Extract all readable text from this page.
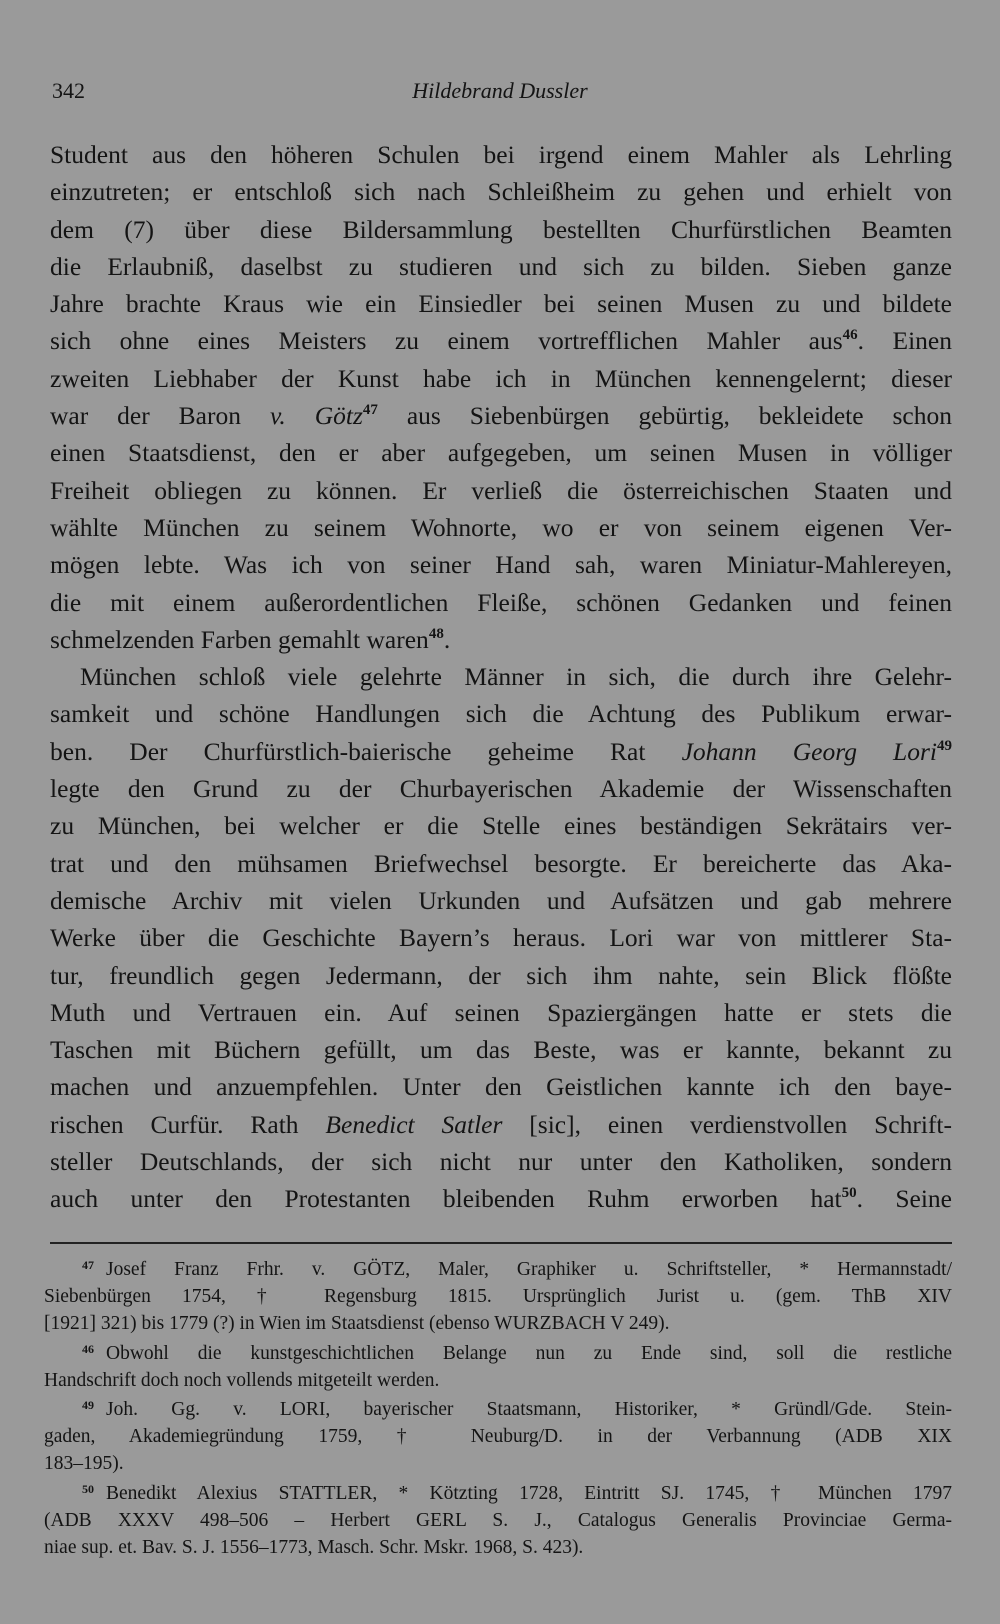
342	Hildebrand Dussler
Student aus den höheren Schulen bei irgend einem Mahler als Lehrling
einzutreten; er entschloß sich nach Schleißheim zu gehen und erhielt von
dem (7) über diese Bildersammlung bestellten Churfürstlichen Beamten
die Erlaubniß, daselbst zu studieren und sich zu bilden. Sieben ganze
Jahre brachte Kraus wie ein Einsiedler bei seinen Musen zu und bildete
sich ohne eines Meisters zu einem vortrefflichen Mahler aus$^{46}$. Einen
zweiten Liebhaber der Kunst habe ich in München kennengelernt; dieser
war der Baron v. Götz$^{47}$ aus Siebenbürgen gebürtig, bekleidete schon
einen Staatsdienst, den er aber aufgegeben, um seinen Musen in völliger
Freiheit obliegen zu können. Er verließ die österreichischen Staaten und
wählte München zu seinem Wohnorte, wo er von seinem eigenen Ver-
mögen lebte. Was ich von seiner Hand sah, waren Miniatur-Mahlereyen,
die mit einem außerordentlichen Fleiße, schönen Gedanken und feinen
schmelzenden Farben gemahlt waren$^{48}$.
München schloß viele gelehrte Männer in sich, die durch ihre Gelehr-
samkeit und schöne Handlungen sich die Achtung des Publikum erwar-
ben. Der Churfürstlich-baierische geheime Rat Johann Georg Lori$^{49}$
legte den Grund zu der Churbayerischen Akademie der Wissenschaften
zu München, bei welcher er die Stelle eines beständigen Sekrätairs ver-
trat und den mühsamen Briefwechsel besorgte. Er bereicherte das Aka-
demische Archiv mit vielen Urkunden und Aufsätzen und gab mehrere
Werke über die Geschichte Bayern’s heraus. Lori war von mittlerer Sta-
tur, freundlich gegen Jedermann, der sich ihm nahte, sein Blick flößte
Muth und Vertrauen ein. Auf seinen Spaziergängen hatte er stets die
Taschen mit Büchern gefüllt, um das Beste, was er kannte, bekannt zu
machen und anzuempfehlen. Unter den Geistlichen kannte ich den baye-
rischen Curfür. Rath Benedict Satler [sic], einen verdienstvollen Schrift-
steller Deutschlands, der sich nicht nur unter den Katholiken, sondern
auch unter den Protestanten bleibenden Ruhm erworben hat$^{50}$. Seine
47 Josef Franz Frhr. v. GÖTZ, Maler, Graphiker u. Schriftsteller, * Hermannstadt/
Siebenbürgen 1754, † Regensburg 1815. Ursprünglich Jurist u. (gem. ThB XIV
[1921] 321) bis 1779 (?) in Wien im Staatsdienst (ebenso WURZBACH V 249).
46 Obwohl die kunstgeschichtlichen Belange nun zu Ende sind, soll die restliche
Handschrift doch noch vollends mitgeteilt werden.
49 Joh. Gg. v. LORI, bayerischer Staatsmann, Historiker, * Gründl/Gde. Stein-
gaden, Akademiegründung 1759, † Neuburg/D. in der Verbannung (ADB XIX
183–195).
50 Benedikt Alexius STATTLER, * Kötzting 1728, Eintritt SJ. 1745, † München 1797
(ADB XXXV 498–506 – Herbert GERL S. J., Catalogus Generalis Provinciae Germa-
niae sup. et. Bav. S. J. 1556–1773, Masch. Schr. Mskr. 1968, S. 423).
